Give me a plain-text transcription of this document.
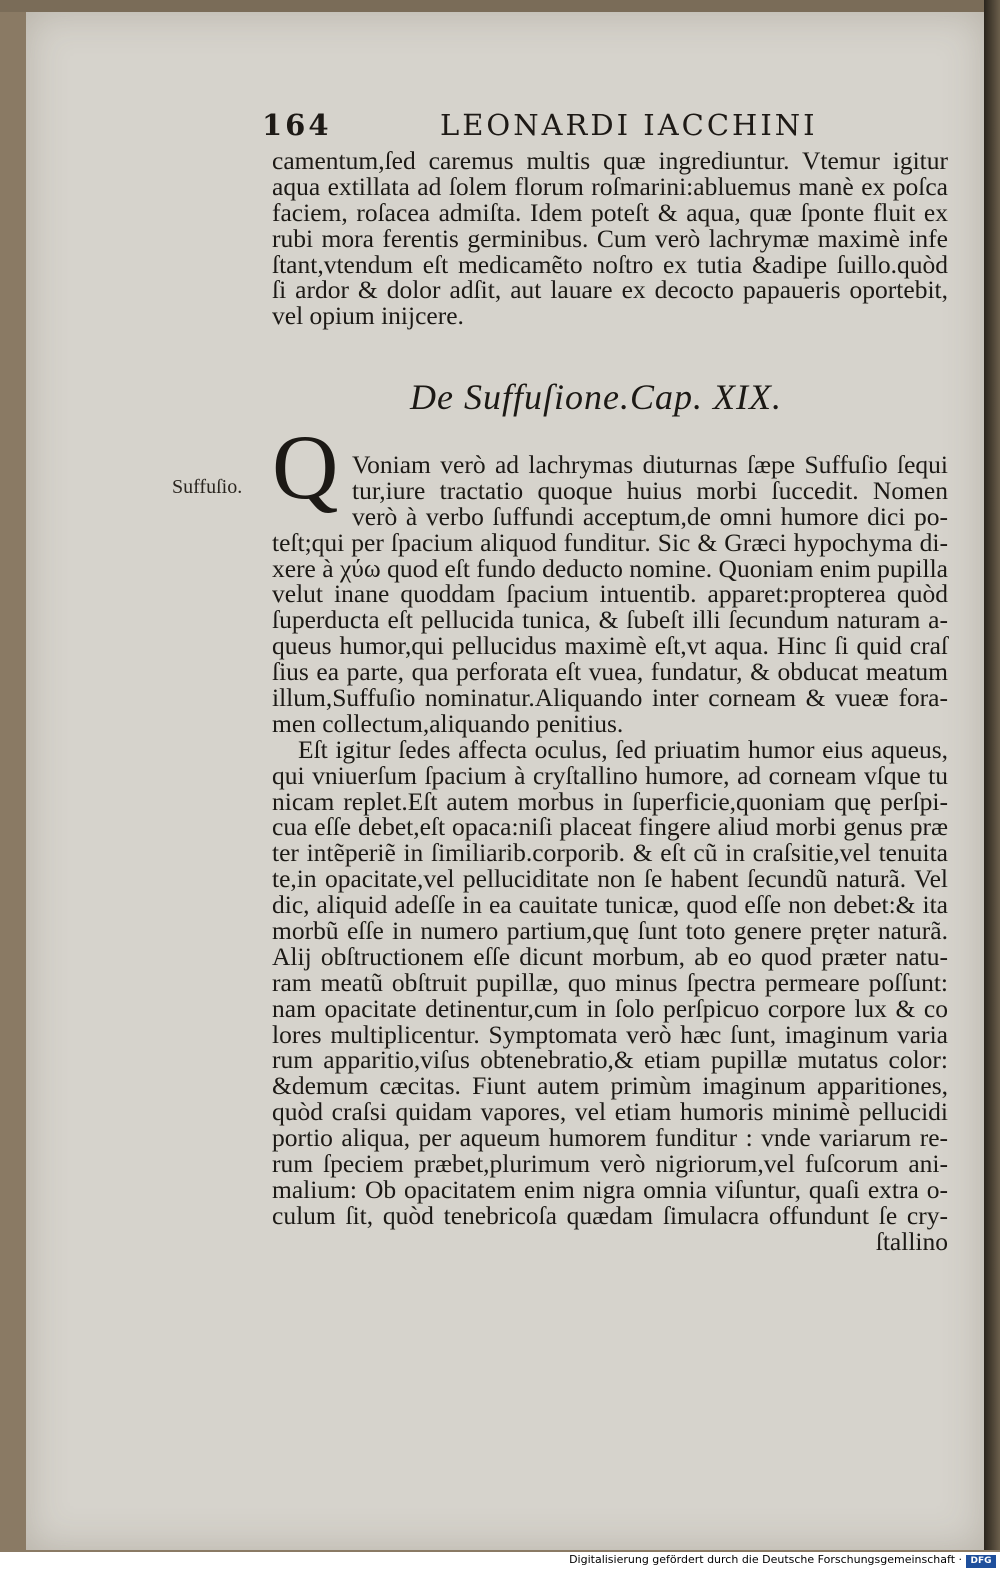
164	LEONARDI IACCHINI
camentum,ſed caremus multis quæ ingrediuntur. Vtemur igitur
aqua extillata ad ſolem florum roſmarini:abluemus manè ex poſca
faciem, roſacea admiſta. Idem poteſt & aqua, quæ ſponte fluit ex
rubi mora ferentis germinibus. Cum verò lachrymæ maximè infe
ſtant,vtendum eſt medicamẽto noſtro ex tutia &adipe ſuillo.quòd
ſi ardor & dolor adſit, aut lauare ex decocto papaueris oportebit,
vel opium inijcere.
De Suffuſione. Cap. XIX.
Q
Suffuſio.
Voniam verò ad lachrymas diuturnas ſæpe Suffuſio ſequi
tur,iure tractatio quoque huius morbi ſuccedit. Nomen
verò à verbo ſuffundi acceptum,de omni humore dici po-
teſt;qui per ſpacium aliquod funditur. Sic & Græci hypochyma di-
xere à χύω quod eſt fundo deducto nomine. Quoniam enim pupilla
velut inane quoddam ſpacium intuentib. apparet:propterea quòd
ſuperducta eſt pellucida tunica, & ſubeſt illi ſecundum naturam a-
queus humor,qui pellucidus maximè eſt,vt aqua. Hinc ſi quid craſ
ſius ea parte, qua perforata eſt vuea, fundatur, & obducat meatum
illum,Suffuſio nominatur.Aliquando inter corneam & vueæ fora-
men collectum,aliquando penitius.
Eſt igitur ſedes affecta oculus, ſed priuatim humor eius aqueus,
qui vniuerſum ſpacium à cryſtallino humore, ad corneam vſque tu
nicam replet.Eſt autem morbus in ſuperficie,quoniam quę perſpi-
cua eſſe debet,eſt opaca:niſi placeat fingere aliud morbi genus præ
ter intẽperiẽ in ſimiliarib.corporib. & eſt cũ in craſsitie,vel tenuita
te,in opacitate,vel pelluciditate non ſe habent ſecundũ naturã. Vel
dic, aliquid adeſſe in ea cauitate tunicæ, quod eſſe non debet:& ita
morbũ eſſe in numero partium,quę ſunt toto genere pręter naturã.
Alij obſtructionem eſſe dicunt morbum, ab eo quod præter natu-
ram meatũ obſtruit pupillæ, quo minus ſpectra permeare poſſunt:
nam opacitate detinentur,cum in ſolo perſpicuo corpore lux & co
lores multiplicentur. Symptomata verò hæc ſunt, imaginum varia
rum apparitio,viſus obtenebratio,& etiam pupillæ mutatus color:
&demum cæcitas. Fiunt autem primùm imaginum apparitiones,
quòd craſsi quidam vapores, vel etiam humoris minimè pellucidi
portio aliqua, per aqueum humorem funditur : vnde variarum re-
rum ſpeciem præbet,plurimum verò nigriorum,vel fuſcorum ani-
malium: Ob opacitatem enim nigra omnia viſuntur, quaſi extra o-
culum ſit, quòd tenebricoſa quædam ſimulacra offundunt ſe cry-
ſtallino
Digitalisierung gefördert durch die Deutsche Forschungsgemeinschaft · DFG
